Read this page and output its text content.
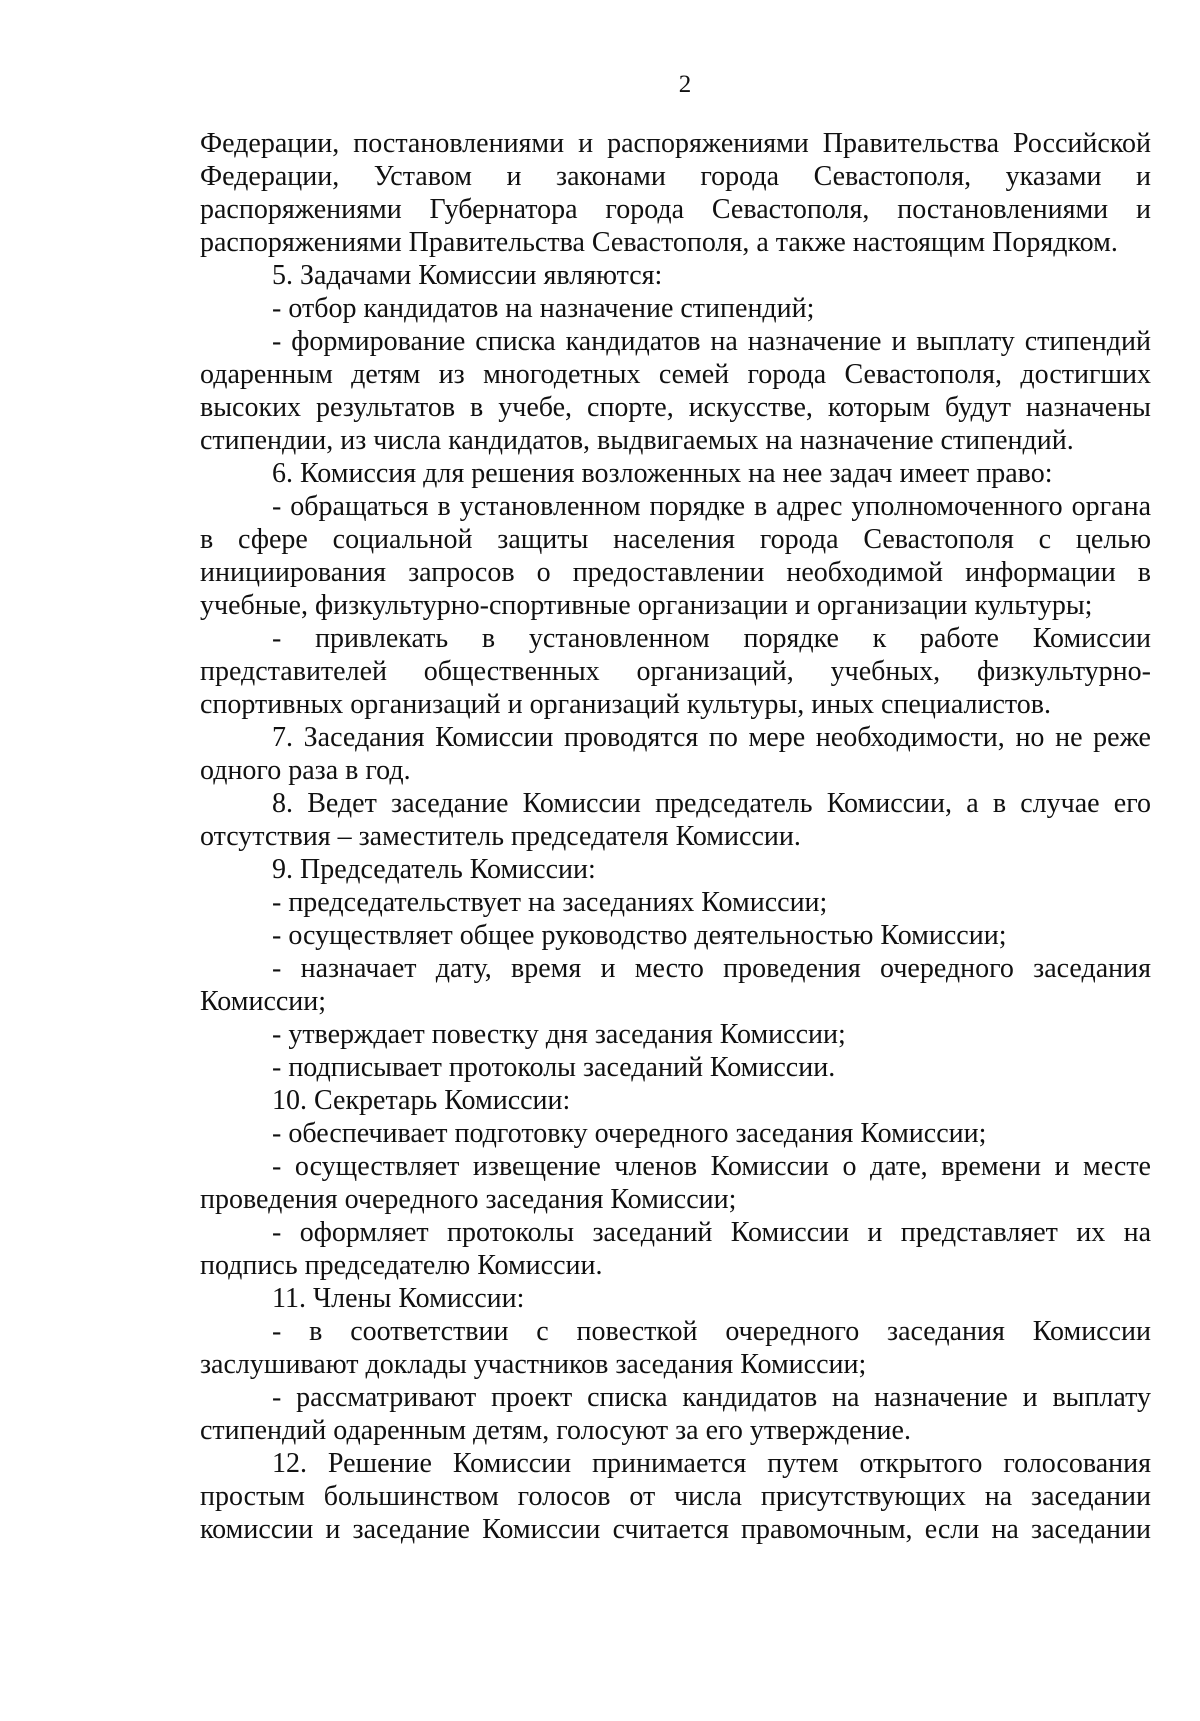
2

Федерации, постановлениями и распоряжениями Правительства Российской Федерации, Уставом и законами города Севастополя, указами и распоряжениями Губернатора города Севастополя, постановлениями и распоряжениями Правительства Севастополя, а также настоящим Порядком.

5. Задачами Комиссии являются:

- отбор кандидатов на назначение стипендий;

- формирование списка кандидатов на назначение и выплату стипендий одаренным детям из многодетных семей города Севастополя, достигших высоких результатов в учебе, спорте, искусстве, которым будут назначены стипендии, из числа кандидатов, выдвигаемых на назначение стипендий.

6. Комиссия для решения возложенных на нее задач имеет право:

- обращаться в установленном порядке в адрес уполномоченного органа в сфере социальной защиты населения города Севастополя с целью инициирования запросов о предоставлении необходимой информации в учебные, физкультурно-спортивные организации и организации культуры;

- привлекать в установленном порядке к работе Комиссии представителей общественных организаций, учебных, физкультурно-спортивных организаций и организаций культуры, иных специалистов.

7. Заседания Комиссии проводятся по мере необходимости, но не реже одного раза в год.

8. Ведет заседание Комиссии председатель Комиссии, а в случае его отсутствия – заместитель председателя Комиссии.

9. Председатель Комиссии:

- председательствует на заседаниях Комиссии;

- осуществляет общее руководство деятельностью Комиссии;

- назначает дату, время и место проведения очередного заседания Комиссии;

- утверждает повестку дня заседания Комиссии;

- подписывает протоколы заседаний Комиссии.

10. Секретарь Комиссии:

- обеспечивает подготовку очередного заседания Комиссии;

- осуществляет извещение членов Комиссии о дате, времени и месте проведения очередного заседания Комиссии;

- оформляет протоколы заседаний Комиссии и представляет их на подпись председателю Комиссии.

11. Члены Комиссии:

- в соответствии с повесткой очередного заседания Комиссии заслушивают доклады участников заседания Комиссии;

- рассматривают проект списка кандидатов на назначение и выплату стипендий одаренным детям, голосуют за его утверждение.

12. Решение Комиссии принимается путем открытого голосования простым большинством голосов от числа присутствующих на заседании комиссии и заседание Комиссии считается правомочным, если на заседании
